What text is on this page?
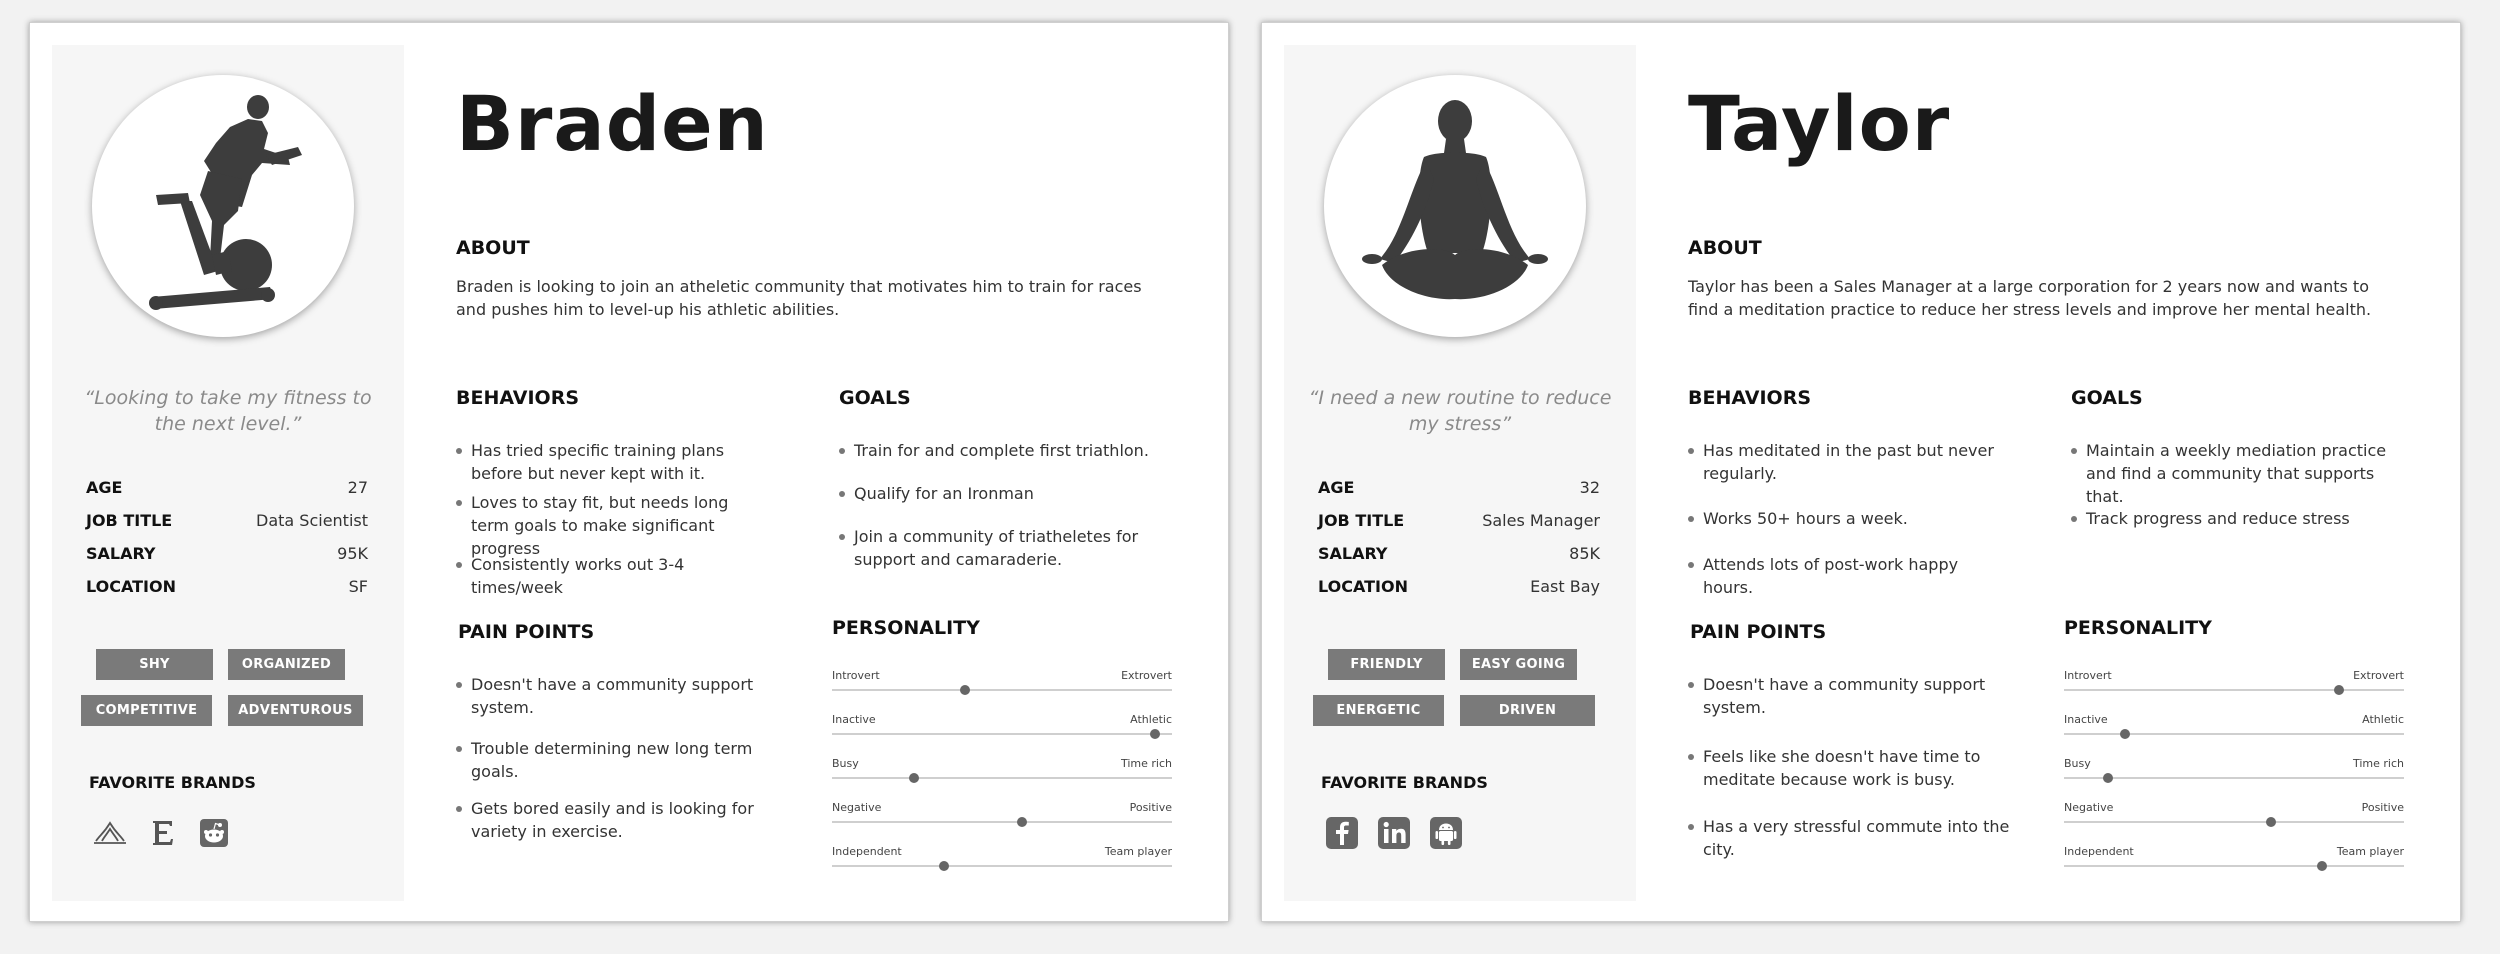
“Looking to take my fitness to the next level.”
AGE	27
JOB TITLE	Data Scientist
SALARY	95K
LOCATION	SF
SHY	ORGANIZED
COMPETITIVE	ADVENTUROUS
FAVORITE BRANDS
Braden
ABOUT
Braden is looking to join an atheletic community that motivates him to train for races and pushes him to level-up his athletic abilities.
BEHAVIORS
Has tried specific training plans before but never kept with it.
Loves to stay fit, but needs long term goals to make significant progress
Consistently works out 3-4 times/week
GOALS
Train for and complete first triathlon.
Qualify for an Ironman
Join a community of triatheletes for support and camaraderie.
PAIN POINTS
Doesn't have a community support system.
Trouble determining new long term goals.
Gets bored easily and is looking for variety in exercise.
PERSONALITY
Introvert	Extrovert
Inactive	Athletic
Busy	Time rich
Negative	Positive
Independent	Team player
“I need a new routine to reduce my stress”
AGE	32
JOB TITLE	Sales Manager
SALARY	85K
LOCATION	East Bay
FRIENDLY	EASY GOING
ENERGETIC	DRIVEN
FAVORITE BRANDS
Taylor
ABOUT
Taylor has been a Sales Manager at a large corporation for 2 years now and wants to find a meditation practice to reduce her stress levels and improve her mental health.
BEHAVIORS
Has meditated in the past but never regularly.
Works 50+ hours a week.
Attends lots of post-work happy hours.
GOALS
Maintain a weekly mediation practice and find a community that supports that.
Track progress and reduce stress
PAIN POINTS
Doesn't have a community support system.
Feels like she doesn't have time to meditate because work is busy.
Has a very stressful commute into the city.
PERSONALITY
Introvert	Extrovert
Inactive	Athletic
Busy	Time rich
Negative	Positive
Independent	Team player
